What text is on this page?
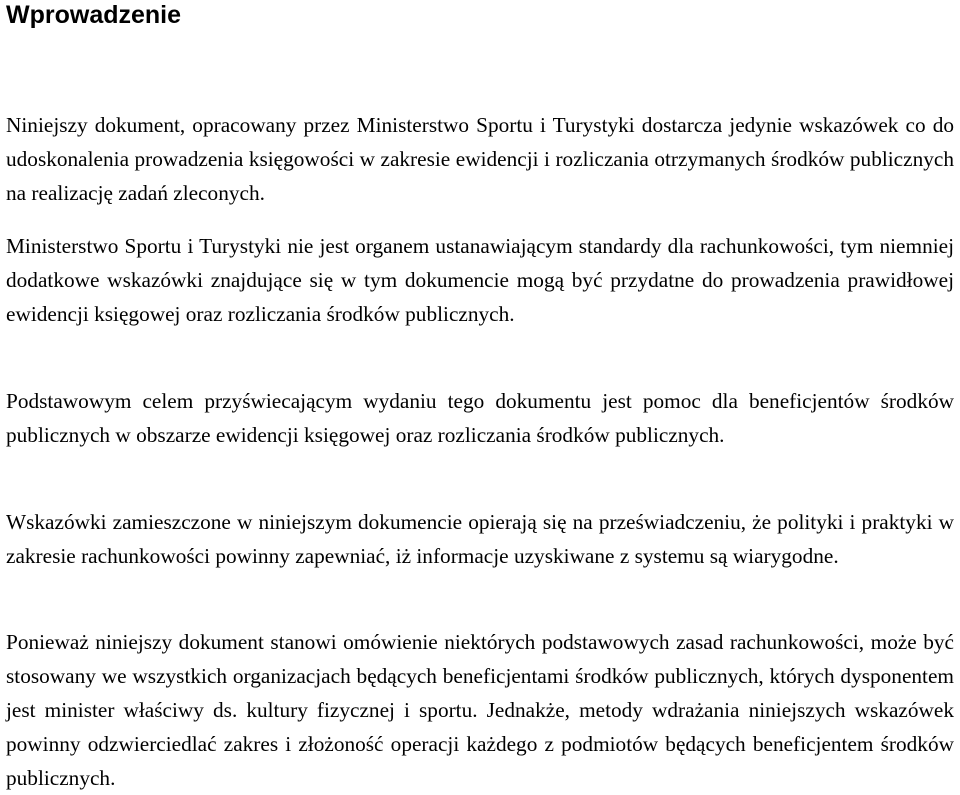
Wprowadzenie

Niniejszy dokument, opracowany przez Ministerstwo Sportu i Turystyki dostarcza jedynie wskazówek co do udoskonalenia prowadzenia księgowości w zakresie ewidencji i rozliczania otrzymanych środków publicznych na realizację zadań zleconych.

Ministerstwo Sportu i Turystyki nie jest organem ustanawiającym standardy dla rachunkowości, tym niemniej dodatkowe wskazówki znajdujące się w tym dokumencie mogą być przydatne do prowadzenia prawidłowej ewidencji księgowej oraz rozliczania środków publicznych.

Podstawowym celem przyświecającym wydaniu tego dokumentu jest pomoc dla beneficjentów środków publicznych w obszarze ewidencji księgowej oraz rozliczania środków publicznych.

Wskazówki zamieszczone w niniejszym dokumencie opierają się na przeświadczeniu, że polityki i praktyki w zakresie rachunkowości powinny zapewniać, iż informacje uzyskiwane z systemu są wiarygodne.

Ponieważ niniejszy dokument stanowi omówienie niektórych podstawowych zasad rachunkowości, może być stosowany we wszystkich organizacjach będących beneficjentami środków publicznych, których dysponentem jest minister właściwy ds. kultury fizycznej i sportu. Jednakże, metody wdrażania niniejszych wskazówek powinny odzwierciedlać zakres i złożoność operacji każdego z podmiotów będących beneficjentem środków publicznych.
